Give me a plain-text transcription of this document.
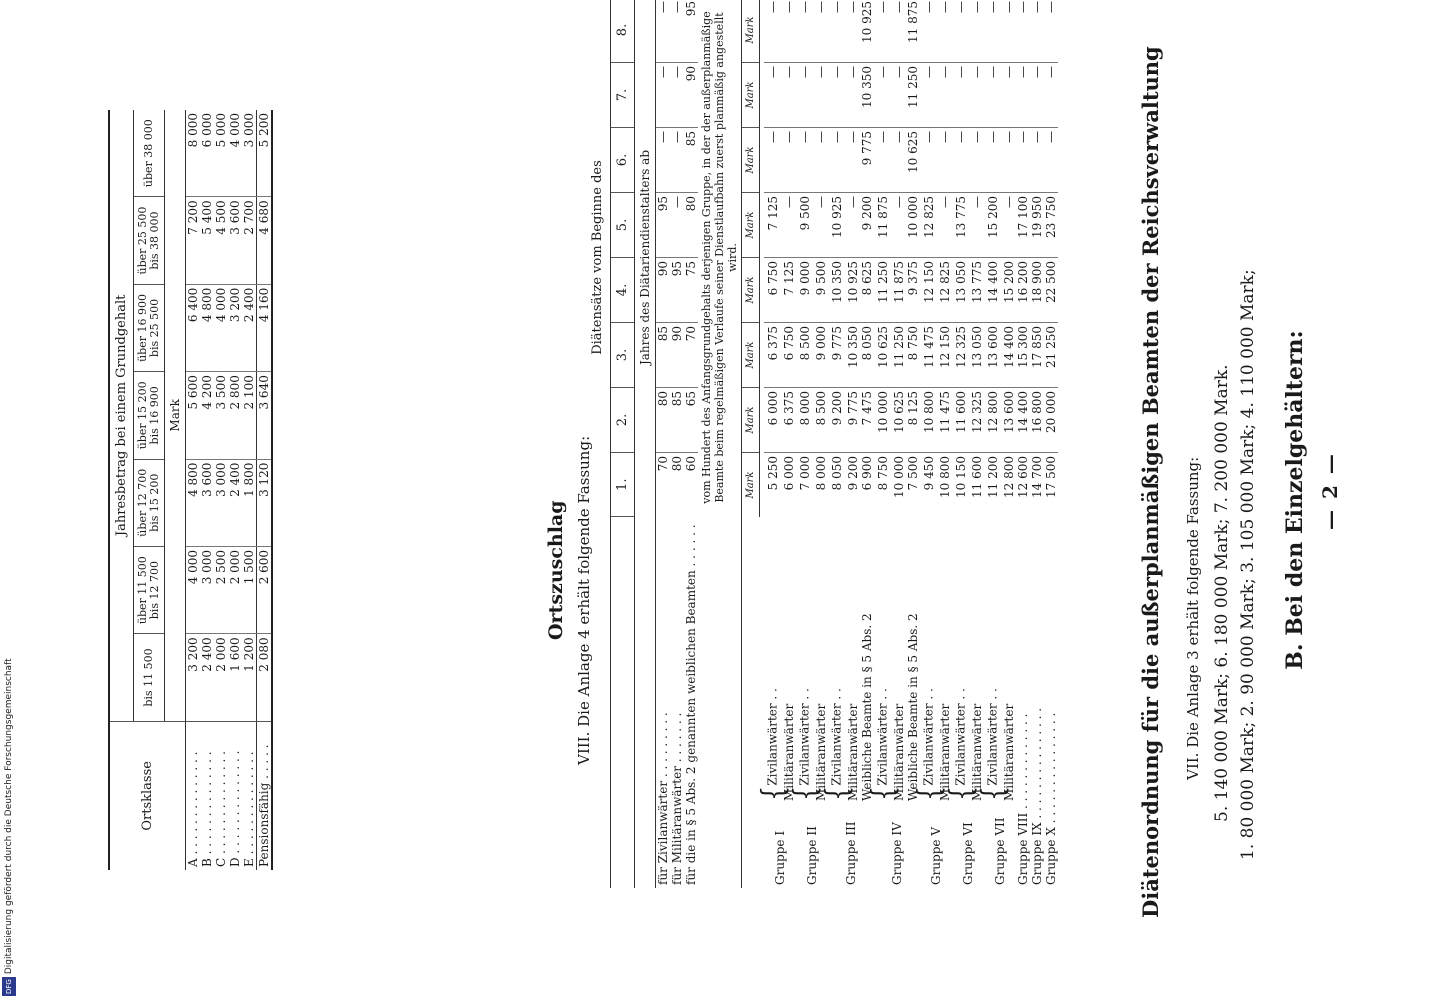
— 2 —
B. Bei den Einzelgehältern:
1. 80 000 Mark; 2. 90 000 Mark; 3. 105 000 Mark; 4. 110 000 Mark;
5. 140 000 Mark; 6. 180 000 Mark; 7. 200 000 Mark.
VII. Die Anlage 3 erhält folgende Fassung:
Diätenordnung für die außerplanmäßigen Beamten der Reichsverwaltung
		Diätensätze vom Beginne des							
		1.	2.	3.	4.	5.	6.	7.	8.
		Jahres des Diätariendienstalters ab							
für Zivilanwärter . . . . . . . . .		70	80	85	90	95	—	—	—
für Militäranwärter . . . . . . .		80	85	90	95	—	—	—	—
für die in § 5 Abs. 2 genannten weiblichen Beamten . . . . . .		60	65	70	75	80	85	90	95
		vom Hundert des Anfangsgrundgehalts derjenigen Gruppe, in der der außerplanmäßige Beamte beim regelmäßigen Verlaufe seiner Dienstlaufbahn zuerst planmäßig angestellt wird.							
		Mark	Mark	Mark	Mark	Mark	Mark	Mark	Mark

Gruppe I	{Zivilanwärter . .	5 250	6 000	6 375	6 750	7 125	—	—	—
	Militäranwärter	6 000	6 375	6 750	7 125	—	—	—	—
Gruppe II	{Zivilanwärter . .	7 000	8 000	8 500	9 000	9 500	—	—	—
	Militäranwärter	8 000	8 500	9 000	9 500	—	—	—	—
Gruppe III	{Zivilanwärter . .	8 050	9 200	9 775	10 350	10 925	—	—	—
	Militäranwärter	9 200	9 775	10 350	10 925	—	—	—	—
	Weibliche Beamte in § 5 Abs. 2	6 900	7 475	8 050	8 625	9 200	9 775	10 350	10 925
Gruppe IV	{Zivilanwärter . .	8 750	10 000	10 625	11 250	11 875	—	—	—
	Militäranwärter	10 000	10 625	11 250	11 875	—	—	—	—
	Weibliche Beamte in § 5 Abs. 2	7 500	8 125	8 750	9 375	10 000	10 625	11 250	11 875
Gruppe V	{Zivilanwärter . .	9 450	10 800	11 475	12 150	12 825	—	—	—
	Militäranwärter	10 800	11 475	12 150	12 825	—	—	—	—
Gruppe VI	{Zivilanwärter . .	10 150	11 600	12 325	13 050	13 775	—	—	—
	Militäranwärter	11 600	12 325	13 050	13 775	—	—	—	—
Gruppe VII	{Zivilanwärter . .	11 200	12 800	13 600	14 400	15 200	—	—	—
	Militäranwärter	12 800	13 600	14 400	15 200	—	—	—	—
Gruppe VIII . . . . . . . . . . . . .		12 600	14 400	15 300	16 200	17 100	—	—	—
Gruppe IX . . . . . . . . . . . . . . .		14 700	16 800	17 850	18 900	19 950	—	—	—
Gruppe X . . . . . . . . . . . . . . .		17 500	20 000	21 250	22 500	23 750	—	—	—
VIII. Die Anlage 4 erhält folgende Fassung:
Ortszuschlag
Ortsklasse	Jahresbetrag bei einem Grundgehalt						
	bis 11 500	über 11 500 bis 12 700	über 12 700 bis 15 200	über 15 200 bis 16 900	über 16 900 bis 25 500	über 25 500 bis 38 000	über 38 000
	Mark						
A . . . . . . . . . . . . . .	3 200	4 000	4 800	5 600	6 400	7 200	8 000
B . . . . . . . . . . . . . .	2 400	3 000	3 600	4 200	4 800	5 400	6 000
C . . . . . . . . . . . . . .	2 000	2 500	3 000	3 500	4 000	4 500	5 000
D . . . . . . . . . . . . . .	1 600	2 000	2 400	2 800	3 200	3 600	4 000
E . . . . . . . . . . . . . .	1 200	1 500	1 800	2 100	2 400	2 700	3 000
Pensionsfähig . . . . .	2 080	2 600	3 120	3 640	4 160	4 680	5 200
DFGDigitalisierung gefördert durch die Deutsche Forschungsgemeinschaft
